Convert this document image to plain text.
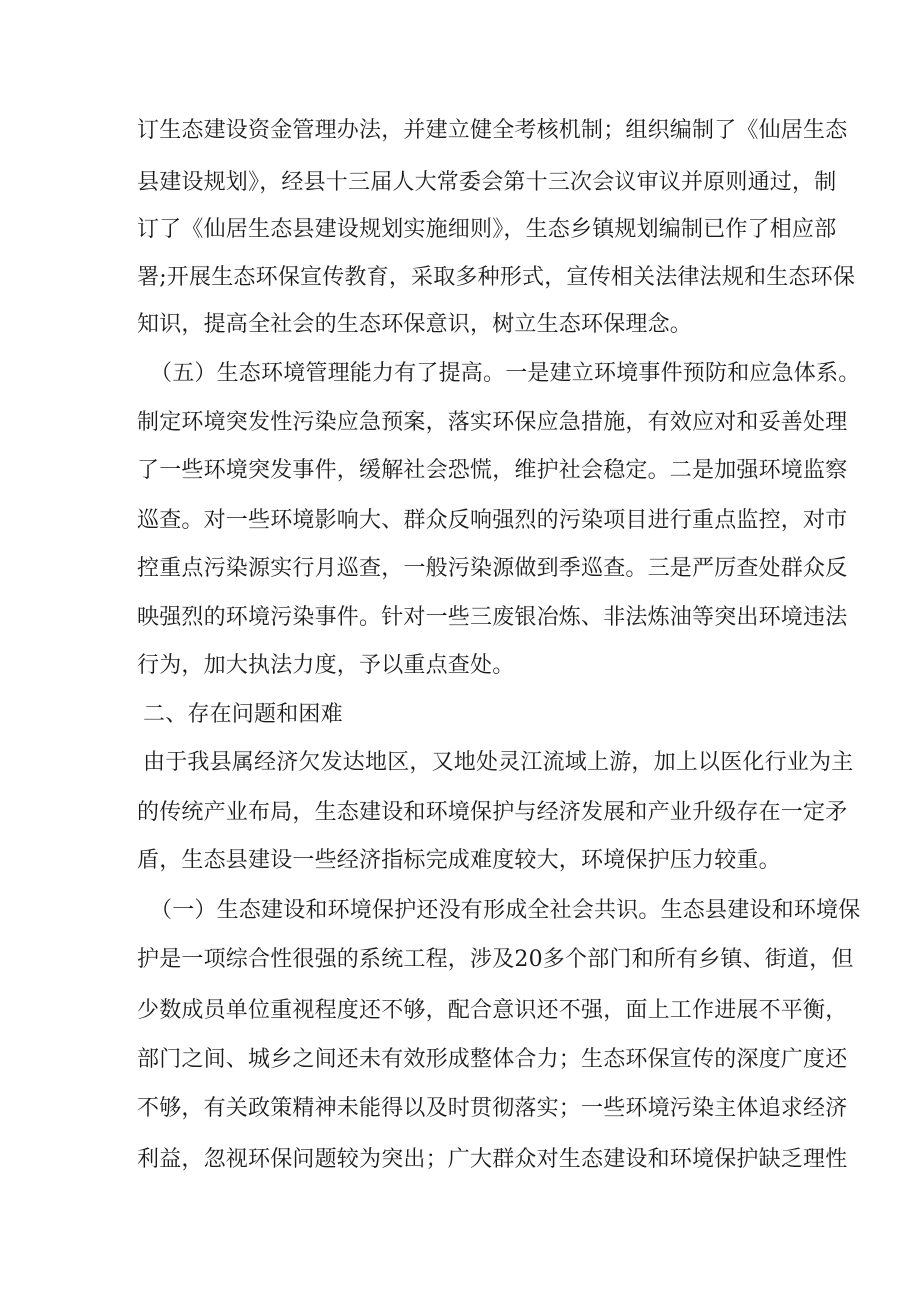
订生态建设资金管理办法，并建立健全考核机制；组织编制了《仙居生态
县建设规划》，经县十三届人大常委会第十三次会议审议并原则通过，制
订了《仙居生态县建设规划实施细则》，生态乡镇规划编制已作了相应部
署;开展生态环保宣传教育，采取多种形式，宣传相关法律法规和生态环保
知识，提高全社会的生态环保意识，树立生态环保理念。
（五）生态环境管理能力有了提高。一是建立环境事件预防和应急体系。
制定环境突发性污染应急预案，落实环保应急措施，有效应对和妥善处理
了一些环境突发事件，缓解社会恐慌，维护社会稳定。二是加强环境监察
巡查。对一些环境影响大、群众反响强烈的污染项目进行重点监控，对市
控重点污染源实行月巡查，一般污染源做到季巡查。三是严厉查处群众反
映强烈的环境污染事件。针对一些三废银冶炼、非法炼油等突出环境违法
行为，加大执法力度，予以重点查处。
二、存在问题和困难
由于我县属经济欠发达地区，又地处灵江流域上游，加上以医化行业为主
的传统产业布局，生态建设和环境保护与经济发展和产业升级存在一定矛
盾，生态县建设一些经济指标完成难度较大，环境保护压力较重。
（一）生态建设和环境保护还没有形成全社会共识。生态县建设和环境保
护是一项综合性很强的系统工程，涉及20多个部门和所有乡镇、街道，但
少数成员单位重视程度还不够，配合意识还不强，面上工作进展不平衡，
部门之间、城乡之间还未有效形成整体合力；生态环保宣传的深度广度还
不够，有关政策精神未能得以及时贯彻落实；一些环境污染主体追求经济
利益，忽视环保问题较为突出；广大群众对生态建设和环境保护缺乏理性
